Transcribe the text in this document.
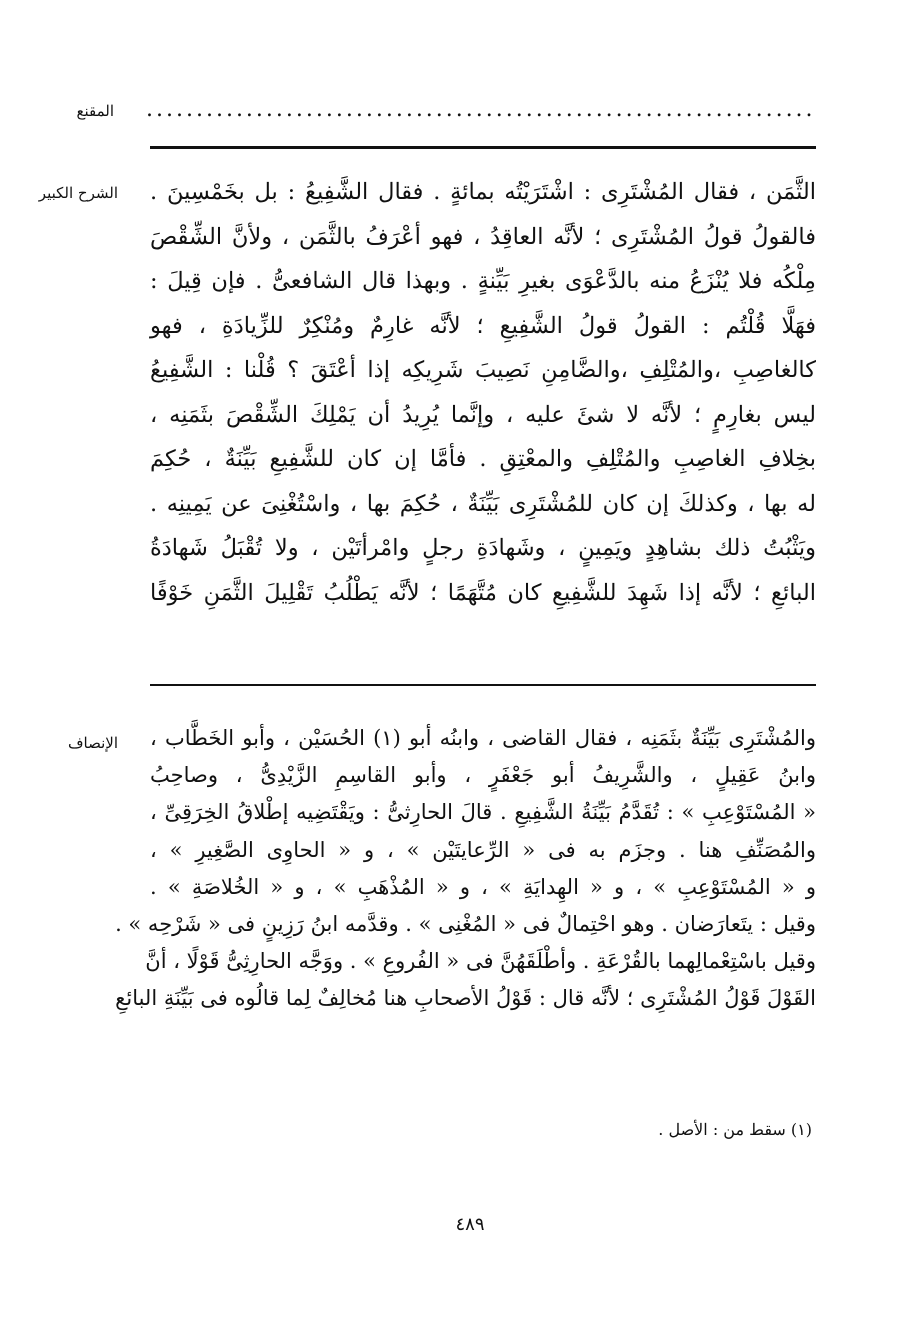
المقنع ...................................................................
الشرح الكبير الثَّمَن ، فقال المُشْتَرِى : اشْتَرَيْتُه بمائةٍ . فقال الشَّفِيعُ : بل بخَمْسِينَ .
فالقولُ قولُ المُشْتَرِى ؛ لأنَّه العاقِدُ ، فهو أعْرَفُ بالثَّمَن ، ولأنَّ الشِّقْصَ
مِلْكُه فلا يُنْزَعُ منه بالدَّعْوَى بغيرِ بَيِّنةٍ . وبهذا قال الشافعىُّ . فإن قِيلَ :
فهَلَّا قُلْتُم : القولُ قولُ الشَّفِيعِ ؛ لأنَّه غارِمٌ ومُنْكِرٌ للزِّيادَةِ ، فهو
كالغاصِبِ ،والمُتْلِفِ ،والضَّامِنِ نَصِيبَ شَرِيكِه إذا أعْتَقَ ؟ قُلْنا : الشَّفِيعُ
ليس بغارِمٍ ؛ لأنَّه لا شئَ عليه ، وإنَّما يُرِيدُ أن يَمْلِكَ الشِّقْصَ بثَمَنِه ،
بخِلافِ الغاصِبِ والمُتْلِفِ والمعْتِقِ . فأمَّا إن كان للشَّفِيعِ بَيِّنَةٌ ، حُكِمَ
له بها ، وكذلكَ إن كان للمُشْتَرِى بَيِّنَةٌ ، حُكِمَ بها ، واسْتُغْنِىَ عن يَمِينِه .
ويَثْبُتُ ذلك بشاهِدٍ ويَمِينٍ ، وشَهادَةِ رجلٍ وامْرأتَيْن ، ولا تُقْبَلُ شَهادَةُ
البائعِ ؛ لأنَّه إذا شَهِدَ للشَّفِيعِ كان مُتَّهَمًا ؛ لأنَّه يَطْلُبُ تَقْلِيلَ الثَّمَنِ خَوْفًا
الإنصاف والمُشْتَرِى بَيِّنَةٌ بثَمَنِه ، فقال القاضى ، وابنُه أبو (١) الحُسَيْن ، وأبو الخَطَّاب ،
وابنُ عَقِيلٍ ، والشَّرِيفُ أبو جَعْفَرٍ ، وأبو القاسِمِ الزَّيْدِىُّ ، وصاحِبُ
« المُسْتَوْعِبِ » : تُقَدَّمُ بَيِّنَةُ الشَّفِيعِ . قالَ الحارِثىُّ : ويَقْتَضِيه إطْلاقُ الخِرَقِىِّ ،
والمُصَنِّفِ هنا . وجزَم به فى « الرِّعايتَيْن » ، و « الحاوِى الصَّغِيرِ » ،
و « المُسْتَوْعِبِ » ، و « الهِدايَةِ » ، و « المُذْهَبِ » ، و « الخُلاصَةِ » .
وقيل : يتَعارَضان . وهو احْتِمالٌ فى « المُغْنِى » . وقدَّمه ابنُ رَزِينٍ فى « شَرْحِه » .
وقيل باسْتِعْمالِهما بالقُرْعَةِ . وأطْلَقَهُنَّ فى « الفُروعِ » . ووَجَّه الحارِثِىُّ قَوْلًا ، أنَّ
القَوْلَ قَوْلُ المُشْتَرِى ؛ لأنَّه قال : قَوْلُ الأصحابِ هنا مُخالِفٌ لِما قالُوه فى بَيِّنَةِ البائعِ
(١) سقط من : الأصل .
٤٨٩
